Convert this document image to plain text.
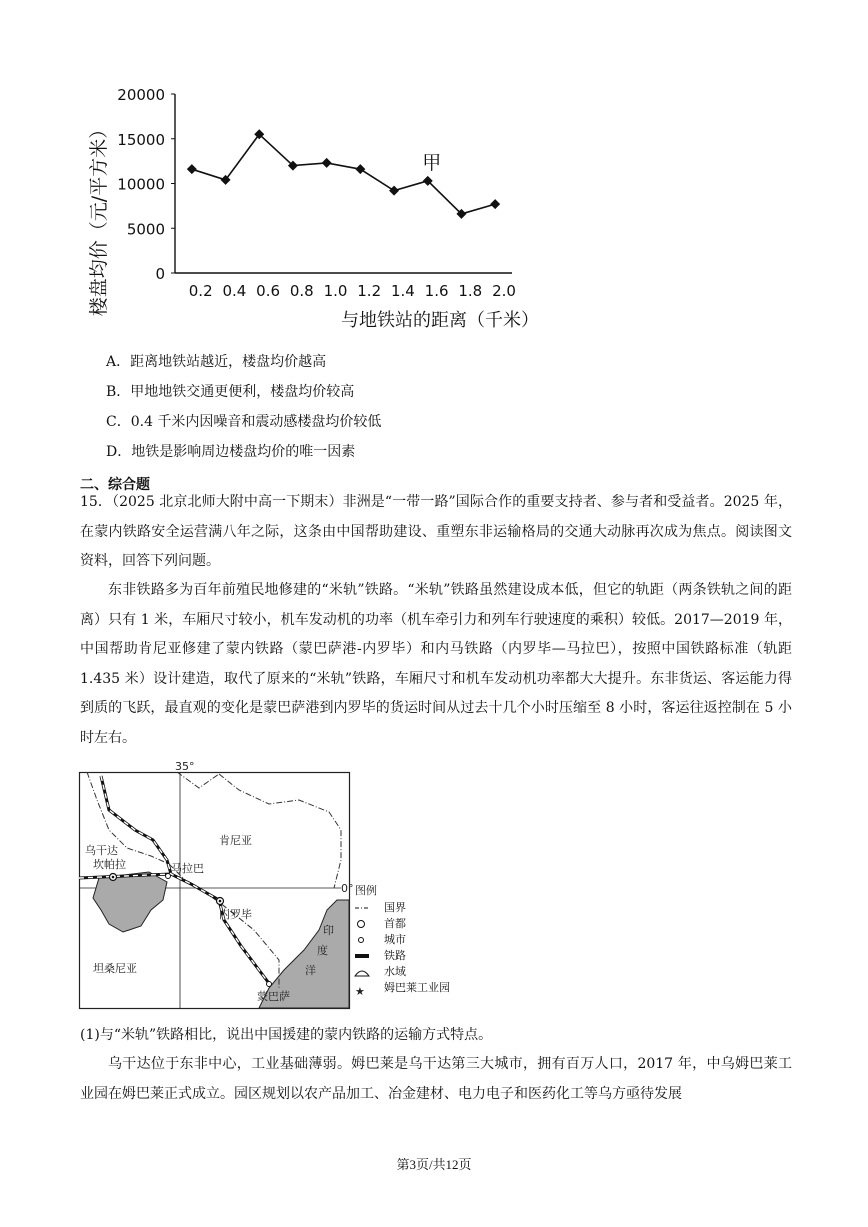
0
5000
10000
15000
20000
0.2 0.4 0.6 0.8 1.0 1.2 1.4 1.6 1.8 2.0
甲
楼盘均价（元/平方米）
与地铁站的距离（千米）
A．距离地铁站越近，楼盘均价越高
B．甲地地铁交通更便利，楼盘均价较高
C．0.4 千米内因噪音和震动感楼盘均价较低
D．地铁是影响周边楼盘均价的唯一因素
二、综合题
15．（2025 北京北师大附中高一下期末）非洲是“一带一路”国际合作的重要支持者、参与者和受益者。2025 年，在蒙内铁路安全运营满八年之际，这条由中国帮助建设、重塑东非运输格局的交通大动脉再次成为焦点。阅读图文资料，回答下列问题。
东非铁路多为百年前殖民地修建的“米轨”铁路。“米轨”铁路虽然建设成本低，但它的轨距（两条铁轨之间的距离）只有 1 米，车厢尺寸较小，机车发动机的功率（机车牵引力和列车行驶速度的乘积）较低。2017—2019 年，中国帮助肯尼亚修建了蒙内铁路（蒙巴萨港-内罗毕）和内马铁路（内罗毕—马拉巴），按照中国铁路标准（轨距 1.435 米）设计建造，取代了原来的“米轨”铁路，车厢尺寸和机车发动机功率都大大提升。东非货运、客运能力得到质的飞跃，最直观的变化是蒙巴萨港到内罗毕的货运时间从过去十几个小时压缩至 8 小时，客运往返控制在 5 小时左右。
35°
0°
乌干达
肯尼亚
坦桑尼亚
坎帕拉	马拉巴
内罗毕
蒙巴萨
印
度
洋
图例
★
国界
首都
城市
铁路
水域
姆巴莱工业园
(1)与“米轨”铁路相比，说出中国援建的蒙内铁路的运输方式特点。
乌干达位于东非中心，工业基础薄弱。姆巴莱是乌干达第三大城市，拥有百万人口，2017 年，中乌姆巴莱工业园在姆巴莱正式成立。园区规划以农产品加工、冶金建材、电力电子和医药化工等乌方亟待发展
第3页/共12页
